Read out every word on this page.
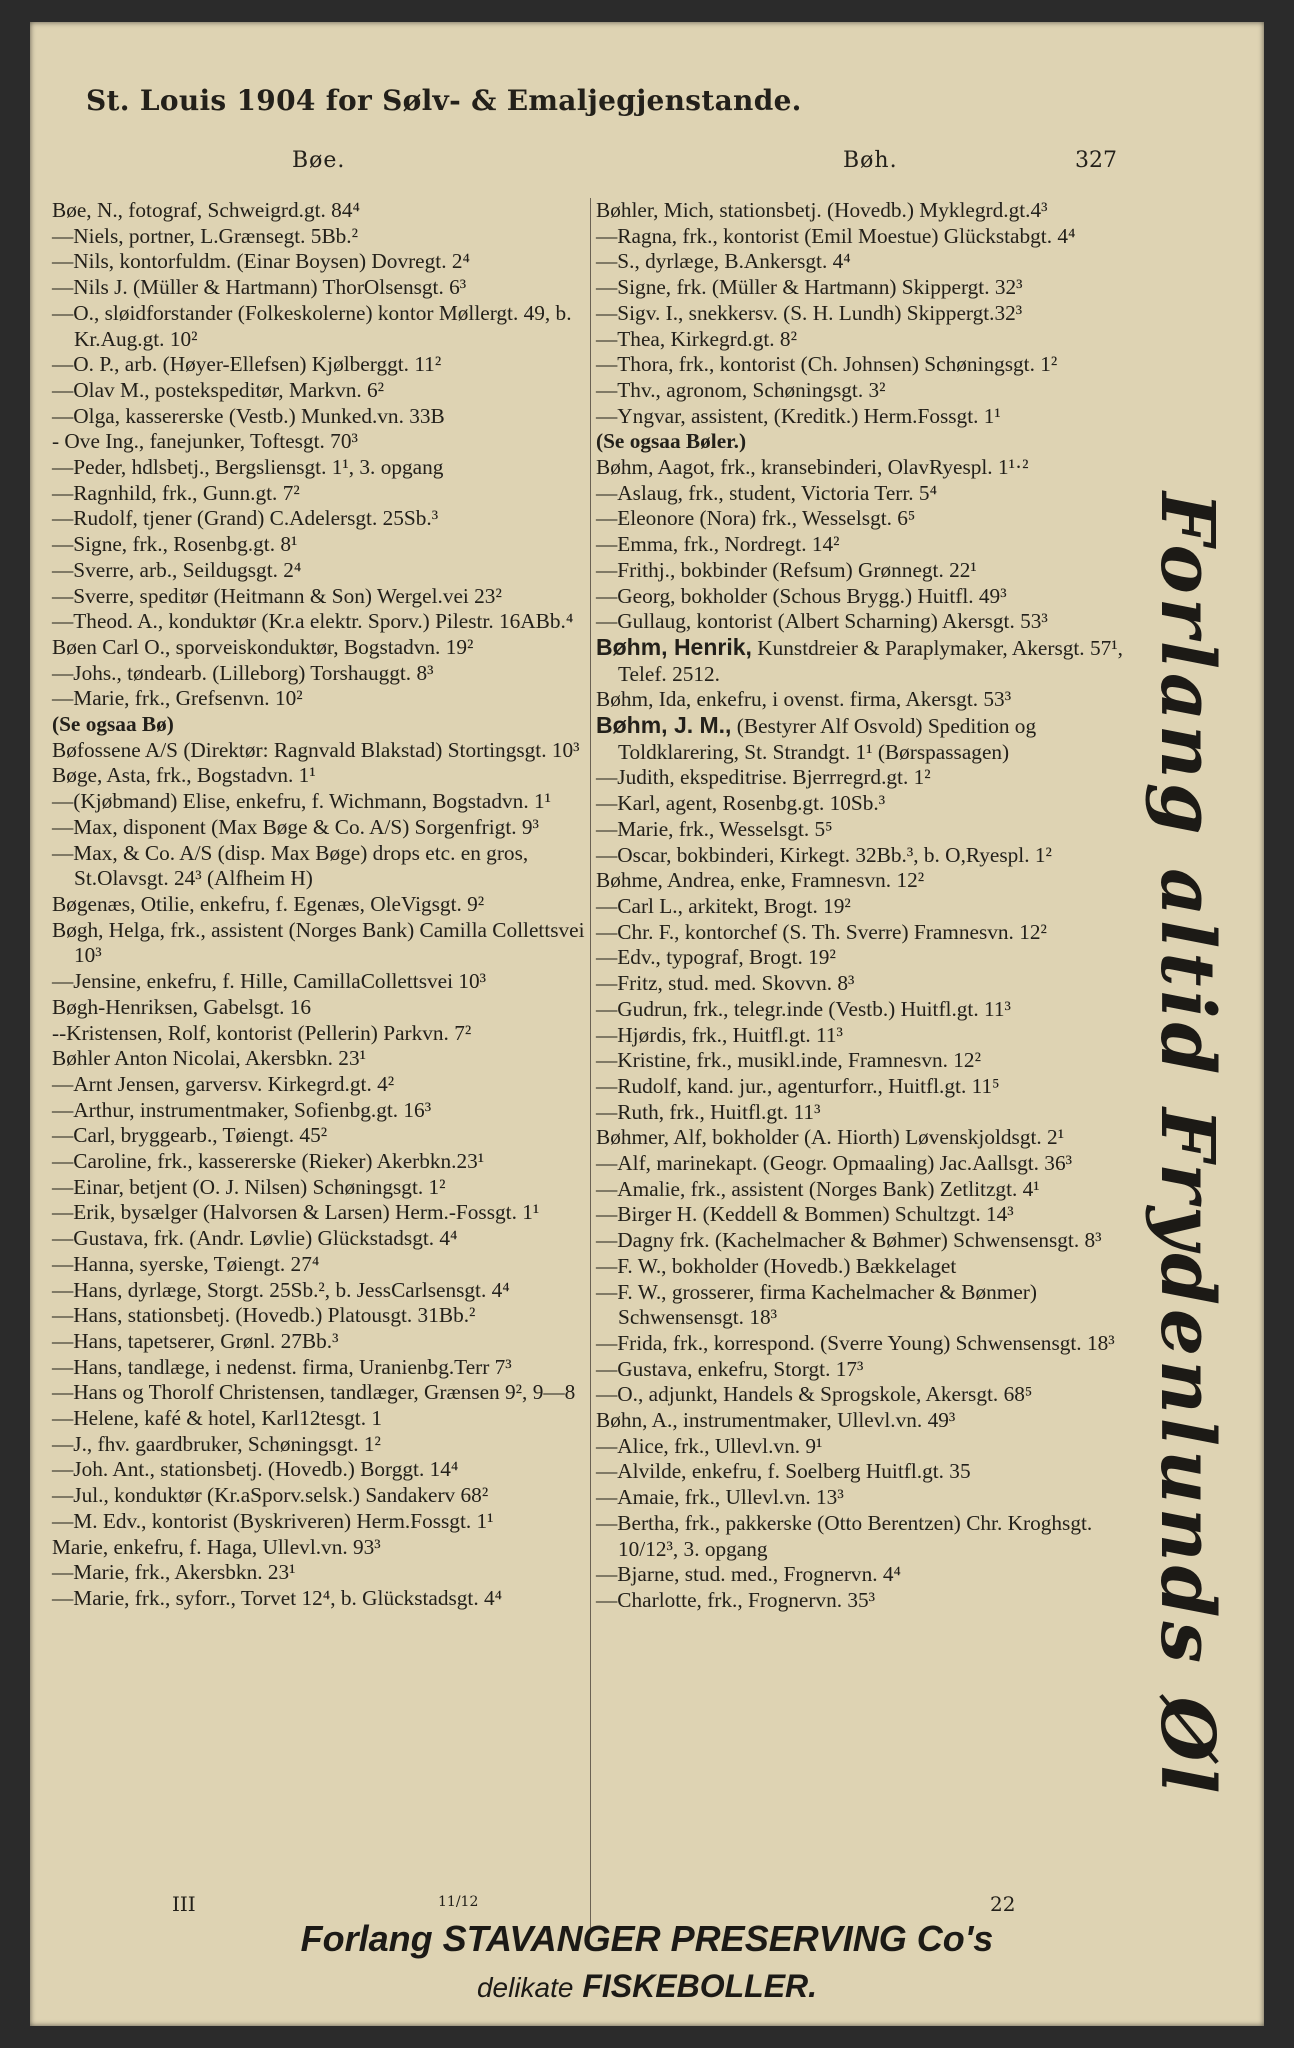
St. Louis 1904 for Sølv- & Emaljegjenstande.
Bøe.	Bøh.	327
Bøe, N., fotograf, Schweigrd.gt. 84⁴
—Niels, portner, L.Grænsegt. 5Bb.²
—Nils, kontorfuldm. (Einar Boysen) Dovregt. 2⁴
—Nils J. (Müller & Hartmann) ThorOlsensgt. 6³
—O., sløidforstander (Folkeskolerne) kontor Møllergt. 49, b. Kr.Aug.gt. 10²
—O. P., arb. (Høyer-Ellefsen) Kjølberggt. 11²
—Olav M., postekspeditør, Markvn. 6²
—Olga, kassererske (Vestb.) Munked.vn. 33B
- Ove Ing., fanejunker, Toftesgt. 70³
—Peder, hdlsbetj., Bergsliensgt. 1¹, 3. opgang
—Ragnhild, frk., Gunn.gt. 7²
—Rudolf, tjener (Grand) C.Adelersgt. 25Sb.³
—Signe, frk., Rosenbg.gt. 8¹
—Sverre, arb., Seildugsgt. 2⁴
—Sverre, speditør (Heitmann & Son) Wergel.vei 23²
—Theod. A., konduktør (Kr.a elektr. Sporv.) Pilestr. 16ABb.⁴
Bøen Carl O., sporveiskonduktør, Bogstadvn. 19²
—Johs., tøndearb. (Lilleborg) Torshauggt. 8³
—Marie, frk., Grefsenvn. 10²
(Se ogsaa Bø)
Bøfossene A/S (Direktør: Ragnvald Blakstad) Stortingsgt. 10³
Bøge, Asta, frk., Bogstadvn. 1¹
—(Kjøbmand) Elise, enkefru, f. Wichmann, Bogstadvn. 1¹
—Max, disponent (Max Bøge & Co. A/S) Sorgenfrigt. 9³
—Max, & Co. A/S (disp. Max Bøge) drops etc. en gros, St.Olavsgt. 24³ (Alfheim H)
Bøgenæs, Otilie, enkefru, f. Egenæs, OleVigsgt. 9²
Bøgh, Helga, frk., assistent (Norges Bank) Camilla Collettsvei 10³
—Jensine, enkefru, f. Hille, CamillaCollettsvei 10³
Bøgh-Henriksen, Gabelsgt. 16
--Kristensen, Rolf, kontorist (Pellerin) Parkvn. 7²
Bøhler Anton Nicolai, Akersbkn. 23¹
—Arnt Jensen, garversv. Kirkegrd.gt. 4²
—Arthur, instrumentmaker, Sofienbg.gt. 16³
—Carl, bryggearb., Tøiengt. 45²
—Caroline, frk., kassererske (Rieker) Akerbkn.23¹
—Einar, betjent (O. J. Nilsen) Schøningsgt. 1²
—Erik, bysælger (Halvorsen & Larsen) Herm.-Fossgt. 1¹
—Gustava, frk. (Andr. Løvlie) Glückstadsgt. 4⁴
—Hanna, syerske, Tøiengt. 27⁴
—Hans, dyrlæge, Storgt. 25Sb.², b. JessCarlsensgt. 4⁴
—Hans, stationsbetj. (Hovedb.) Platousgt. 31Bb.²
—Hans, tapetserer, Grønl. 27Bb.³
—Hans, tandlæge, i nedenst. firma, Uranienbg.Terr 7³
—Hans og Thorolf Christensen, tandlæger, Grænsen 9², 9—8
—Helene, kafé & hotel, Karl12tesgt. 1
—J., fhv. gaardbruker, Schøningsgt. 1²
—Joh. Ant., stationsbetj. (Hovedb.) Borggt. 14⁴
—Jul., konduktør (Kr.aSporv.selsk.) Sandakerv 68²
—M. Edv., kontorist (Byskriveren) Herm.Fossgt. 1¹
Marie, enkefru, f. Haga, Ullevl.vn. 93³
—Marie, frk., Akersbkn. 23¹
—Marie, frk., syforr., Torvet 12⁴, b. Glückstadsgt. 4⁴
Bøhler, Mich, stationsbetj. (Hovedb.) Myklegrd.gt.4³
—Ragna, frk., kontorist (Emil Moestue) Glückstabgt. 4⁴
—S., dyrlæge, B.Ankersgt. 4⁴
—Signe, frk. (Müller & Hartmann) Skippergt. 32³
—Sigv. I., snekkersv. (S. H. Lundh) Skippergt.32³
—Thea, Kirkegrd.gt. 8²
—Thora, frk., kontorist (Ch. Johnsen) Schøningsgt. 1²
—Thv., agronom, Schøningsgt. 3²
—Yngvar, assistent, (Kreditk.) Herm.Fossgt. 1¹
(Se ogsaa Bøler.)
Bøhm, Aagot, frk., kransebinderi, OlavRyespl. 1¹·²
—Aslaug, frk., student, Victoria Terr. 5⁴
—Eleonore (Nora) frk., Wesselsgt. 6⁵
—Emma, frk., Nordregt. 14²
—Frithj., bokbinder (Refsum) Grønnegt. 22¹
—Georg, bokholder (Schous Brygg.) Huitfl. 49³
—Gullaug, kontorist (Albert Scharning) Akersgt. 53³
Bøhm, Henrik, Kunstdreier & Paraplymaker, Akersgt. 57¹, Telef. 2512.
Bøhm, Ida, enkefru, i ovenst. firma, Akersgt. 53³
Bøhm, J. M., (Bestyrer Alf Osvold) Spedition og Toldklarering, St. Strandgt. 1¹ (Børspassagen)
—Judith, ekspeditrise. Bjerrregrd.gt. 1²
—Karl, agent, Rosenbg.gt. 10Sb.³
—Marie, frk., Wesselsgt. 5⁵
—Oscar, bokbinderi, Kirkegt. 32Bb.³, b. O,Ryespl. 1²
Bøhme, Andrea, enke, Framnesvn. 12²
—Carl L., arkitekt, Brogt. 19²
—Chr. F., kontorchef (S. Th. Sverre) Framnesvn. 12²
—Edv., typograf, Brogt. 19²
—Fritz, stud. med. Skovvn. 8³
—Gudrun, frk., telegr.inde (Vestb.) Huitfl.gt. 11³
—Hjørdis, frk., Huitfl.gt. 11³
—Kristine, frk., musikl.inde, Framnesvn. 12²
—Rudolf, kand. jur., agenturforr., Huitfl.gt. 11⁵
—Ruth, frk., Huitfl.gt. 11³
Bøhmer, Alf, bokholder (A. Hiorth) Løvenskjoldsgt. 2¹
—Alf, marinekapt. (Geogr. Opmaaling) Jac.Aallsgt. 36³
—Amalie, frk., assistent (Norges Bank) Zetlitzgt. 4¹
—Birger H. (Keddell & Bommen) Schultzgt. 14³
—Dagny frk. (Kachelmacher & Bøhmer) Schwensensgt. 8³
—F. W., bokholder (Hovedb.) Bækkelaget
—F. W., grosserer, firma Kachelmacher & Bønmer) Schwensensgt. 18³
—Frida, frk., korrespond. (Sverre Young) Schwensensgt. 18³
—Gustava, enkefru, Storgt. 17³
—O., adjunkt, Handels & Sprogskole, Akersgt. 68⁵
Bøhn, A., instrumentmaker, Ullevl.vn. 49³
—Alice, frk., Ullevl.vn. 9¹
—Alvilde, enkefru, f. Soelberg Huitfl.gt. 35
—Amaie, frk., Ullevl.vn. 13³
—Bertha, frk., pakkerske (Otto Berentzen) Chr. Kroghsgt. 10/12³, 3. opgang
—Bjarne, stud. med., Frognervn. 4⁴
—Charlotte, frk., Frognervn. 35³	Forlang altid Frydenlunds Øl
III	11/12	22
Forlang STAVANGER PRESERVING Co's
delikate FISKEBOLLER.
